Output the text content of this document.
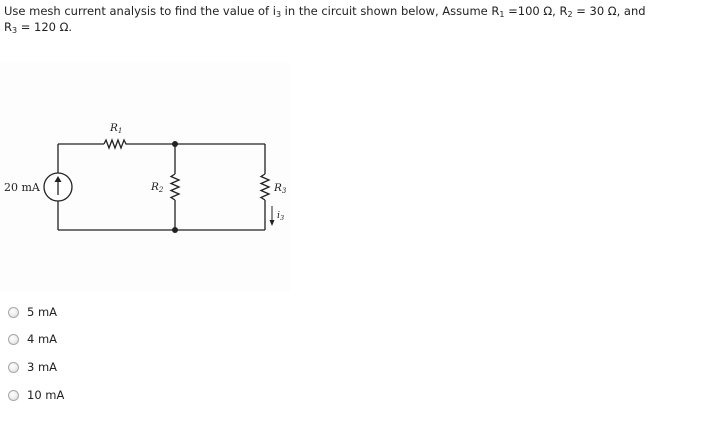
Use mesh current analysis to find the value of $i_3$ in the circuit shown below, Assume $R_1 =100$ Ω, $R_2 = 30$ Ω, and
$R_3 = 120$ Ω.
20 mA
R1
R2	R3
$i_3$
5 mA
4 mA
3 mA
10 mA
